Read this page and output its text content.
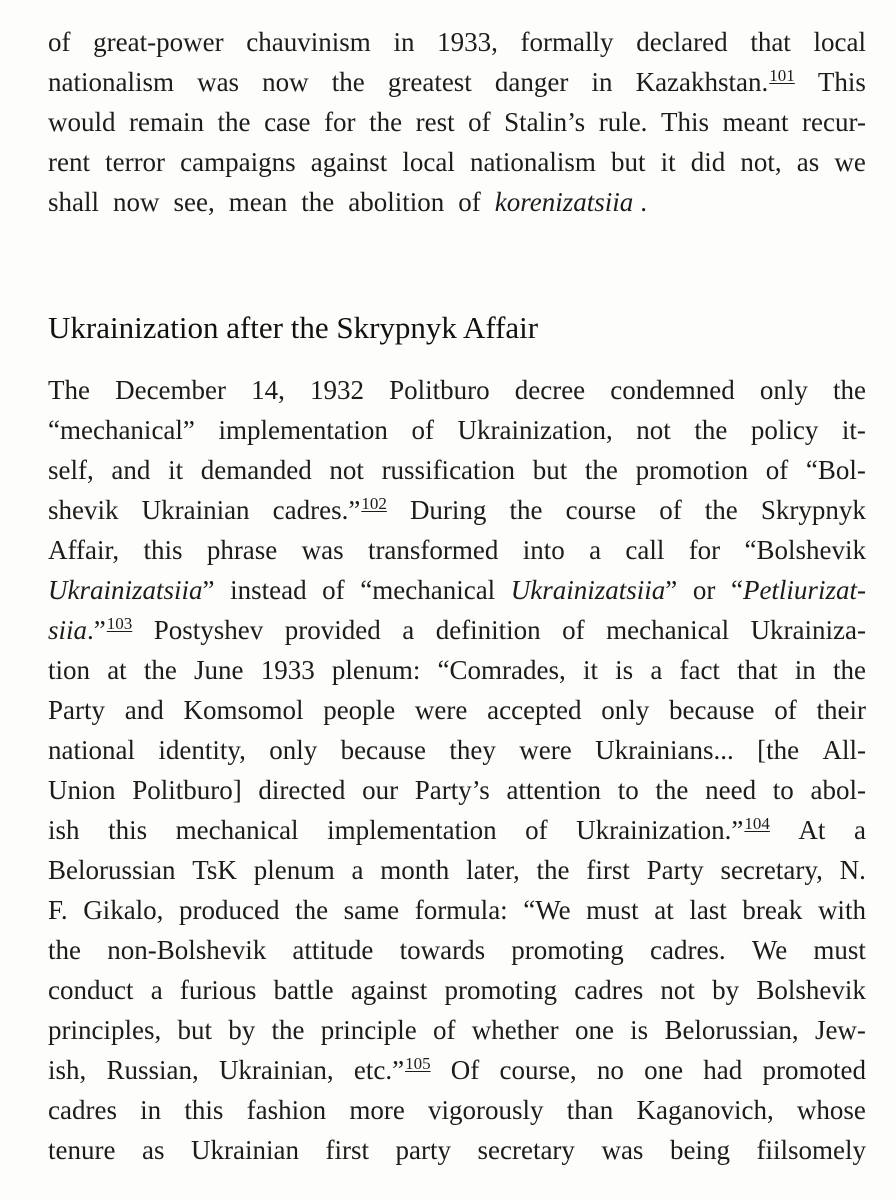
of great-power chauvinism in 1933, formally declared that local
nationalism was now the greatest danger in Kazakhstan.$^{101}$ This
would remain the case for the rest of Stalin’s rule. This meant recur-
rent terror campaigns against local nationalism but it did not, as we
shall now see, mean the abolition of korenizatsiia .
Ukrainization after the Skrypnyk Affair
The December 14, 1932 Politburo decree condemned only the
“mechanical” implementation of Ukrainization, not the policy it-
self, and it demanded not russification but the promotion of “Bol-
shevik Ukrainian cadres.”$^{102}$ During the course of the Skrypnyk
Affair, this phrase was transformed into a call for “Bolshevik
Ukrainizatsiia” instead of “mechanical Ukrainizatsiia” or “Petliurizat-
siia.”$^{103}$ Postyshev provided a definition of mechanical Ukrainiza-
tion at the June 1933 plenum: “Comrades, it is a fact that in the
Party and Komsomol people were accepted only because of their
national identity, only because they were Ukrainians... [the All-
Union Politburo] directed our Party’s attention to the need to abol-
ish this mechanical implementation of Ukrainization.”$^{104}$ At a
Belorussian TsK plenum a month later, the first Party secretary, N.
F. Gikalo, produced the same formula: “We must at last break with
the non-Bolshevik attitude towards promoting cadres. We must
conduct a furious battle against promoting cadres not by Bolshevik
principles, but by the principle of whether one is Belorussian, Jew-
ish, Russian, Ukrainian, etc.”$^{105}$ Of course, no one had promoted
cadres in this fashion more vigorously than Kaganovich, whose
tenure as Ukrainian first party secretary was being fiilsomely
